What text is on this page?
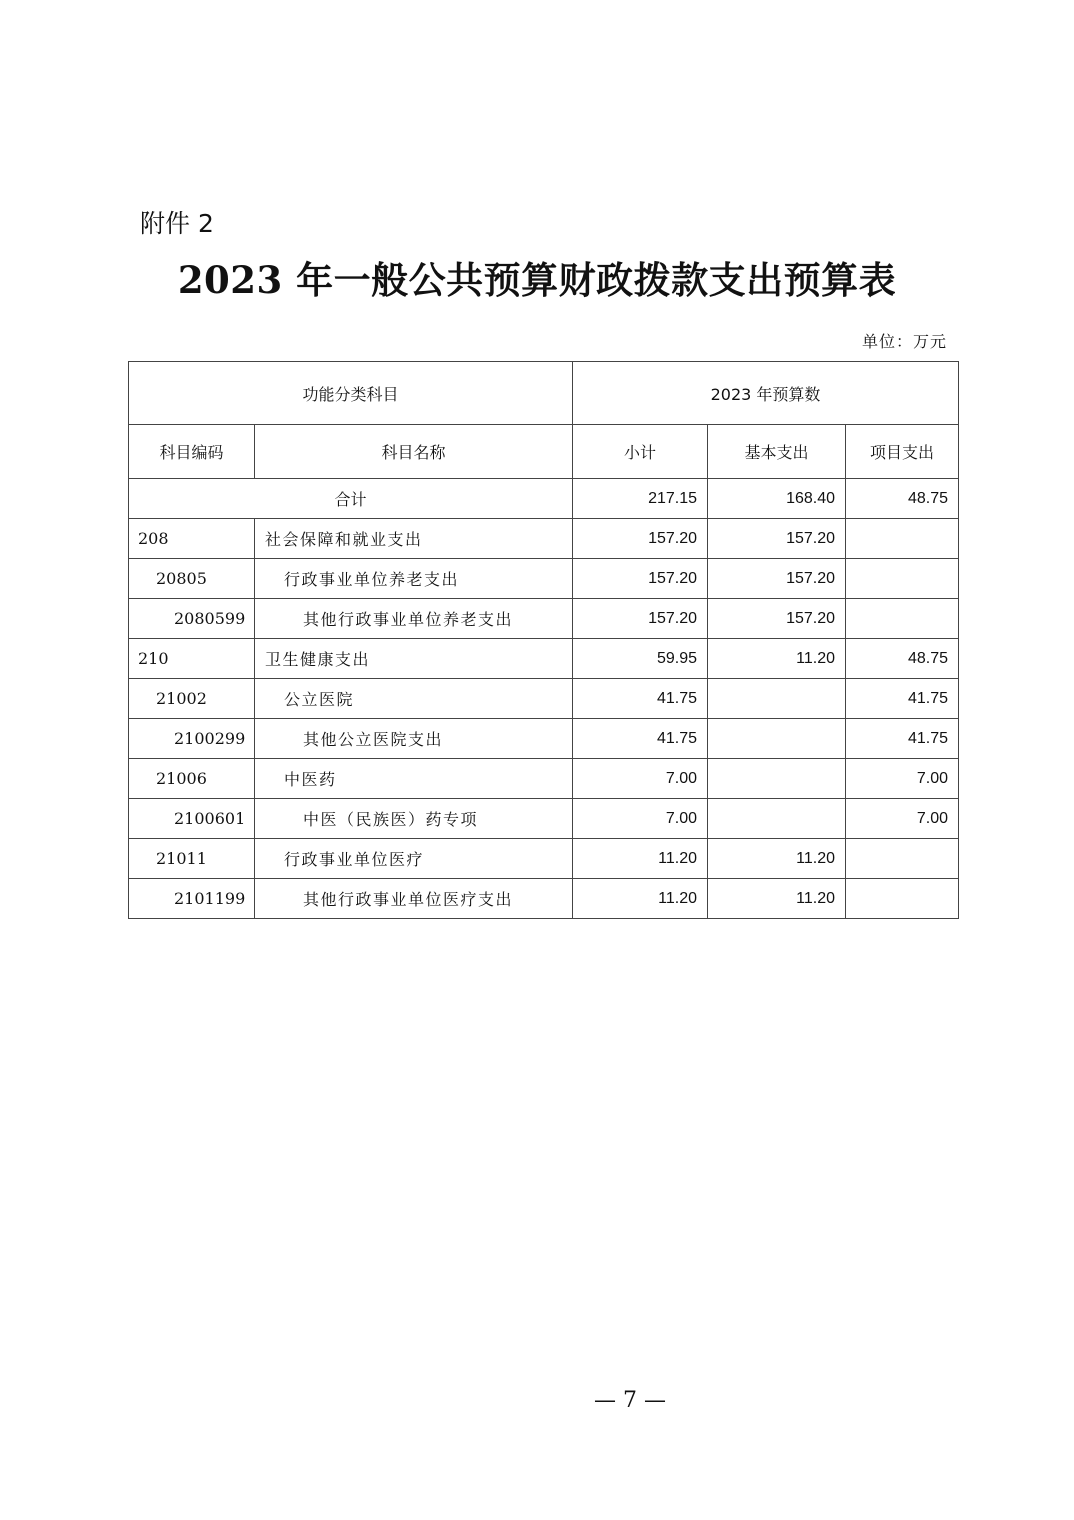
附件 2
2023 年一般公共预算财政拨款支出预算表
单位：万元
功能分类科目		2023 年预算数		
科目编码	科目名称	小计	基本支出	项目支出
合计		217.15	168.40	48.75
208	社会保障和就业支出	157.20	157.20	
20805	行政事业单位养老支出	157.20	157.20	
2080599	其他行政事业单位养老支出	157.20	157.20	
210	卫生健康支出	59.95	11.20	48.75
21002	公立医院	41.75		41.75
2100299	其他公立医院支出	41.75		41.75
21006	中医药	7.00		7.00
2100601	中医（民族医）药专项	7.00		7.00
21011	行政事业单位医疗	11.20	11.20	
2101199	其他行政事业单位医疗支出	11.20	11.20	
— 7 —
